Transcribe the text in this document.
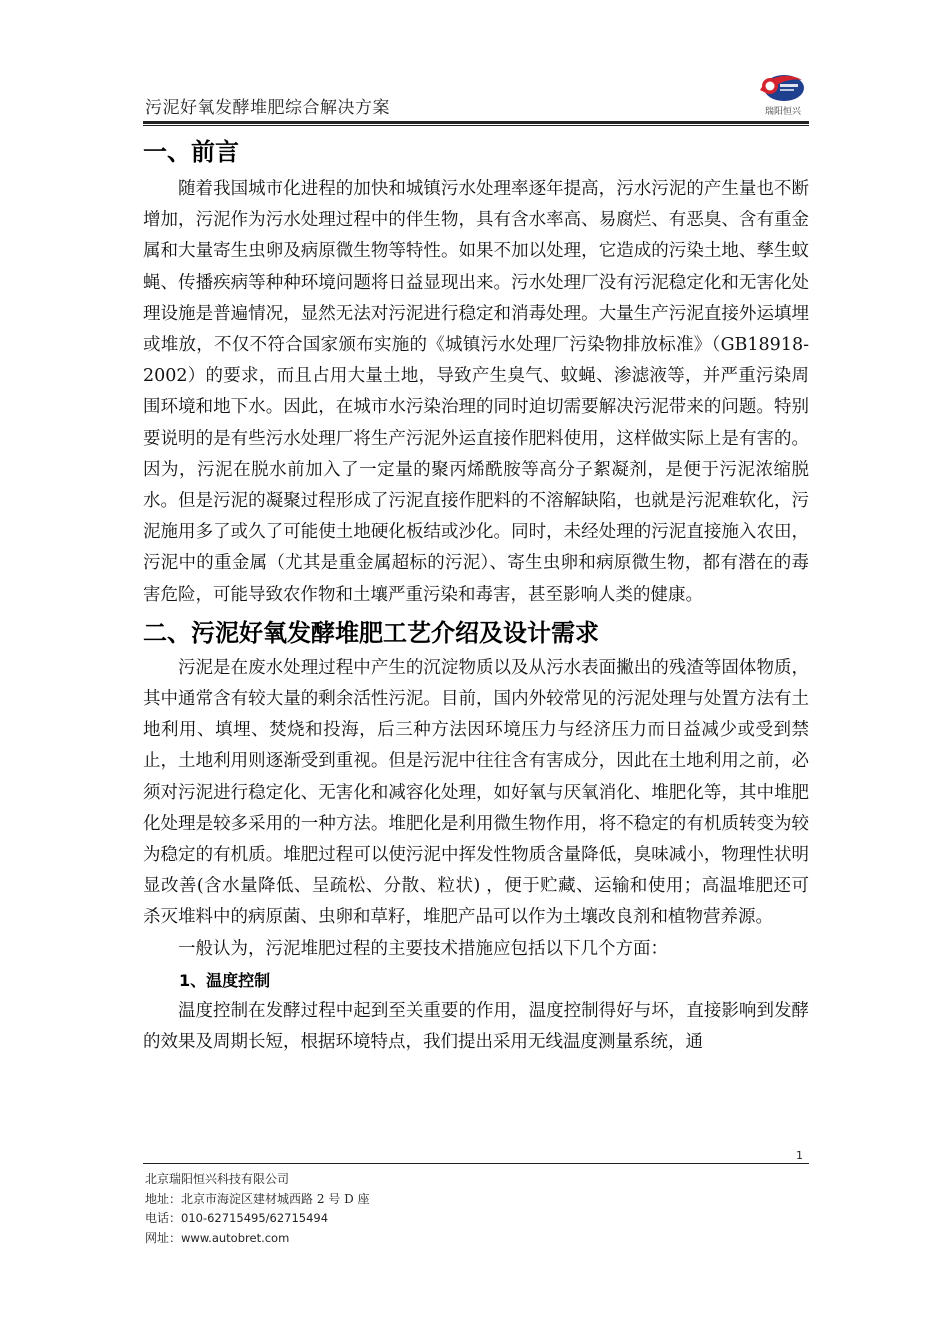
污泥好氧发酵堆肥综合解决方案	瑞阳恒兴
一、前言

随着我国城市化进程的加快和城镇污水处理率逐年提高，污水污泥的产生量也不断增加，污泥作为污水处理过程中的伴生物，具有含水率高、易腐烂、有恶臭、含有重金属和大量寄生虫卵及病原微生物等特性。如果不加以处理，它造成的污染土地、孳生蚊蝇、传播疾病等种种环境问题将日益显现出来。污水处理厂没有污泥稳定化和无害化处理设施是普遍情况，显然无法对污泥进行稳定和消毒处理。大量生产污泥直接外运填埋或堆放，不仅不符合国家颁布实施的《城镇污水处理厂污染物排放标准》（GB18918-2002）的要求，而且占用大量土地，导致产生臭气、蚊蝇、渗滤液等，并严重污染周围环境和地下水。因此，在城市水污染治理的同时迫切需要解决污泥带来的问题。特别要说明的是有些污水处理厂将生产污泥外运直接作肥料使用，这样做实际上是有害的。因为，污泥在脱水前加入了一定量的聚丙烯酰胺等高分子絮凝剂，是便于污泥浓缩脱水。但是污泥的凝聚过程形成了污泥直接作肥料的不溶解缺陷，也就是污泥难软化，污泥施用多了或久了可能使土地硬化板结或沙化。同时，未经处理的污泥直接施入农田，污泥中的重金属（尤其是重金属超标的污泥）、寄生虫卵和病原微生物，都有潜在的毒害危险，可能导致农作物和土壤严重污染和毒害，甚至影响人类的健康。

二、污泥好氧发酵堆肥工艺介绍及设计需求

污泥是在废水处理过程中产生的沉淀物质以及从污水表面撇出的残渣等固体物质，其中通常含有较大量的剩余活性污泥。目前，国内外较常见的污泥处理与处置方法有土地利用、填埋、焚烧和投海，后三种方法因环境压力与经济压力而日益减少或受到禁止，土地利用则逐渐受到重视。但是污泥中往往含有害成分，因此在土地利用之前，必须对污泥进行稳定化、无害化和减容化处理，如好氧与厌氧消化、堆肥化等，其中堆肥化处理是较多采用的一种方法。堆肥化是利用微生物作用，将不稳定的有机质转变为较为稳定的有机质。堆肥过程可以使污泥中挥发性物质含量降低，臭味减小，物理性状明显改善(含水量降低、呈疏松、分散、粒状) ，便于贮藏、运输和使用；高温堆肥还可杀灭堆料中的病原菌、虫卵和草籽，堆肥产品可以作为土壤改良剂和植物营养源。

一般认为，污泥堆肥过程的主要技术措施应包括以下几个方面：

1、温度控制

温度控制在发酵过程中起到至关重要的作用，温度控制得好与坏，直接影响到发酵的效果及周期长短，根据环境特点，我们提出采用无线温度测量系统，通

1
北京瑞阳恒兴科技有限公司
地址：北京市海淀区建材城西路 2 号 D 座
电话：010-62715495/62715494
网址：www.autobret.com
